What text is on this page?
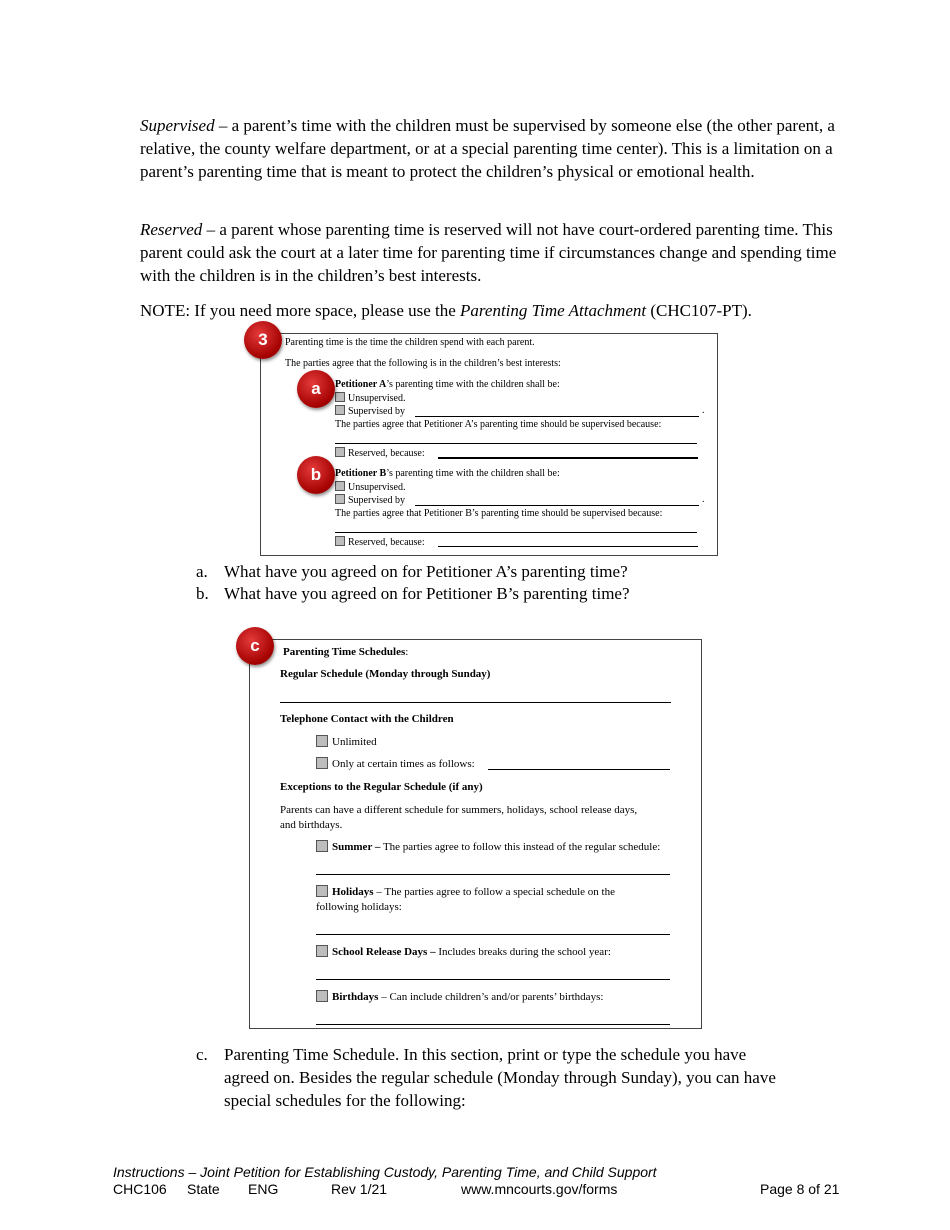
Supervised – a parent’s time with the children must be supervised by someone else (the other parent, a relative, the county welfare department, or at a special parenting time center). This is a limitation on a parent’s parenting time that is meant to protect the children’s physical or emotional health.

Reserved – a parent whose parenting time is reserved will not have court-ordered parenting time. This parent could ask the court at a later time for parenting time if circumstances change and spending time with the children is in the children’s best interests.

NOTE: If you need more space, please use the Parenting Time Attachment (CHC107-PT).

Parenting time is the time the children spend with each parent.
The parties agree that the following is in the children’s best interests:
Petitioner A’s parenting time with the children shall be:
Unsupervised.
Supervised by	.
The parties agree that Petitioner A’s parenting time should be supervised because:
Reserved, because:
Petitioner B’s parenting time with the children shall be:
Unsupervised.
Supervised by	.
The parties agree that Petitioner B’s parenting time should be supervised because:
Reserved, because:
3
a
b
a. What have you agreed on for Petitioner A’s parenting time?
b. What have you agreed on for Petitioner B’s parenting time?
Parenting Time Schedules:
Regular Schedule (Monday through Sunday)
Telephone Contact with the Children
Unlimited
Only at certain times as follows:
Exceptions to the Regular Schedule (if any)
Parents can have a different schedule for summers, holidays, school release days,
and birthdays.
Summer – The parties agree to follow this instead of the regular schedule:
Holidays – The parties agree to follow a special schedule on the
following holidays:
School Release Days – Includes breaks during the school year:
Birthdays – Can include children’s and/or parents’ birthdays:
c
c. Parenting Time Schedule. In this section, print or type the schedule you have
agreed on. Besides the regular schedule (Monday through Sunday), you can have
special schedules for the following:
Instructions – Joint Petition for Establishing Custody, Parenting Time, and Child Support
CHC106 State ENG	Rev 1/21	www.mncourts.gov/forms	Page 8 of 21
